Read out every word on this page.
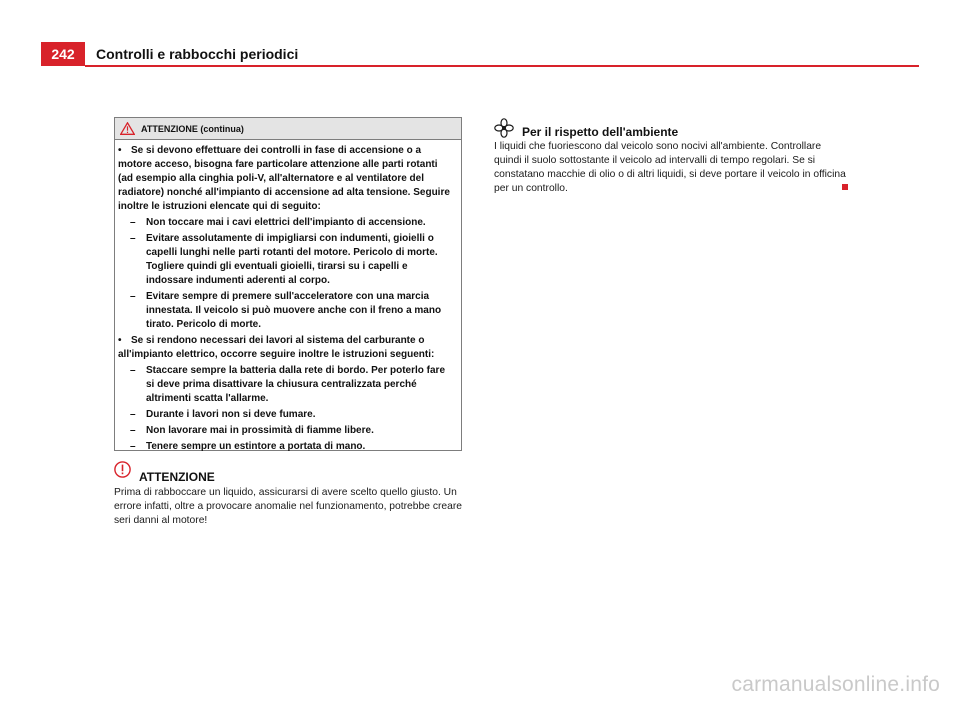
242	Controlli e rabbocchi periodici
ATTENZIONE (continua)

• Se si devono effettuare dei controlli in fase di accensione o a motore acceso, bisogna fare particolare attenzione alle parti rotanti (ad esempio alla cinghia poli-V, all'alternatore e al ventilatore del radiatore) nonché all'impianto di accensione ad alta tensione. Seguire inoltre le istruzioni elencate qui di seguito:

– Non toccare mai i cavi elettrici dell'impianto di accensione.
– Evitare assolutamente di impigliarsi con indumenti, gioielli o capelli lunghi nelle parti rotanti del motore. Pericolo di morte. Togliere quindi gli eventuali gioielli, tirarsi su i capelli e indossare indumenti aderenti al corpo.
– Evitare sempre di premere sull'acceleratore con una marcia innestata. Il veicolo si può muovere anche con il freno a mano tirato. Pericolo di morte.

• Se si rendono necessari dei lavori al sistema del carburante o all'impianto elettrico, occorre seguire inoltre le istruzioni seguenti:

– Staccare sempre la batteria dalla rete di bordo. Per poterlo fare si deve prima disattivare la chiusura centralizzata perché altrimenti scatta l'allarme.
– Durante i lavori non si deve fumare.
– Non lavorare mai in prossimità di fiamme libere.
– Tenere sempre un estintore a portata di mano.
ATTENZIONE
Prima di rabboccare un liquido, assicurarsi di avere scelto quello giusto. Un errore infatti, oltre a provocare anomalie nel funzionamento, potrebbe creare seri danni al motore!
Per il rispetto dell'ambiente
I liquidi che fuoriescono dal veicolo sono nocivi all'ambiente. Controllare quindi il suolo sottostante il veicolo ad intervalli di tempo regolari. Se si constatano macchie di olio o di altri liquidi, si deve portare il veicolo in officina per un controllo.
carmanualsonline.info
